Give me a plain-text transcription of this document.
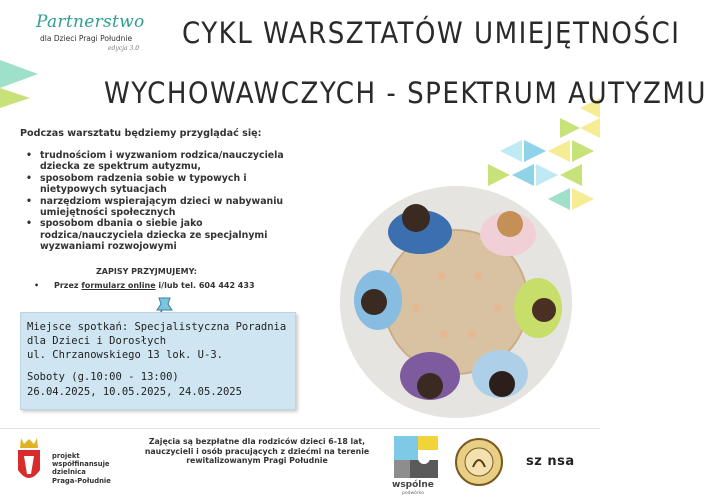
Partnerstwo
dla Dzieci Pragi Południe
edycja 3.0 CYKL WARSZTATÓW UMIEJĘTNOŚCI
WYCHOWAWCZYCH - SPEKTRUM AUTYZMU
Podczas warsztatu będziemy przyglądać się:
• trudnościom i wyzwaniom rodzica/nauczyciela dziecka ze spektrum autyzmu,
• sposobom radzenia sobie w typowych i nietypowych sytuacjach
• narzędziom wspierającym dzieci w nabywaniu umiejętności społecznych
• sposobom dbania o siebie jako rodzica/nauczyciela dziecka ze specjalnymi wyzwaniami rozwojowymi
ZAPISY PRZYJMUJEMY:
• Przez formularz online i/lub tel. 604 442 433
Miejsce spotkań: Specjalistyczna Poradnia
dla Dzieci i Dorosłych
ul. Chrzanowskiego 13 lok. U-3.
Soboty (g.10:00 - 13:00)
26.04.2025, 10.05.2025, 24.05.2025
projekt
współfinansuje
dzielnica
Praga-Południe
Zajęcia są bezpłatne dla rodziców dzieci 6-18 lat, nauczycieli i osób pracujących z dziećmi na terenie rewitalizowanym Pragi Południe
wspólne
podwórko
sz nsa
